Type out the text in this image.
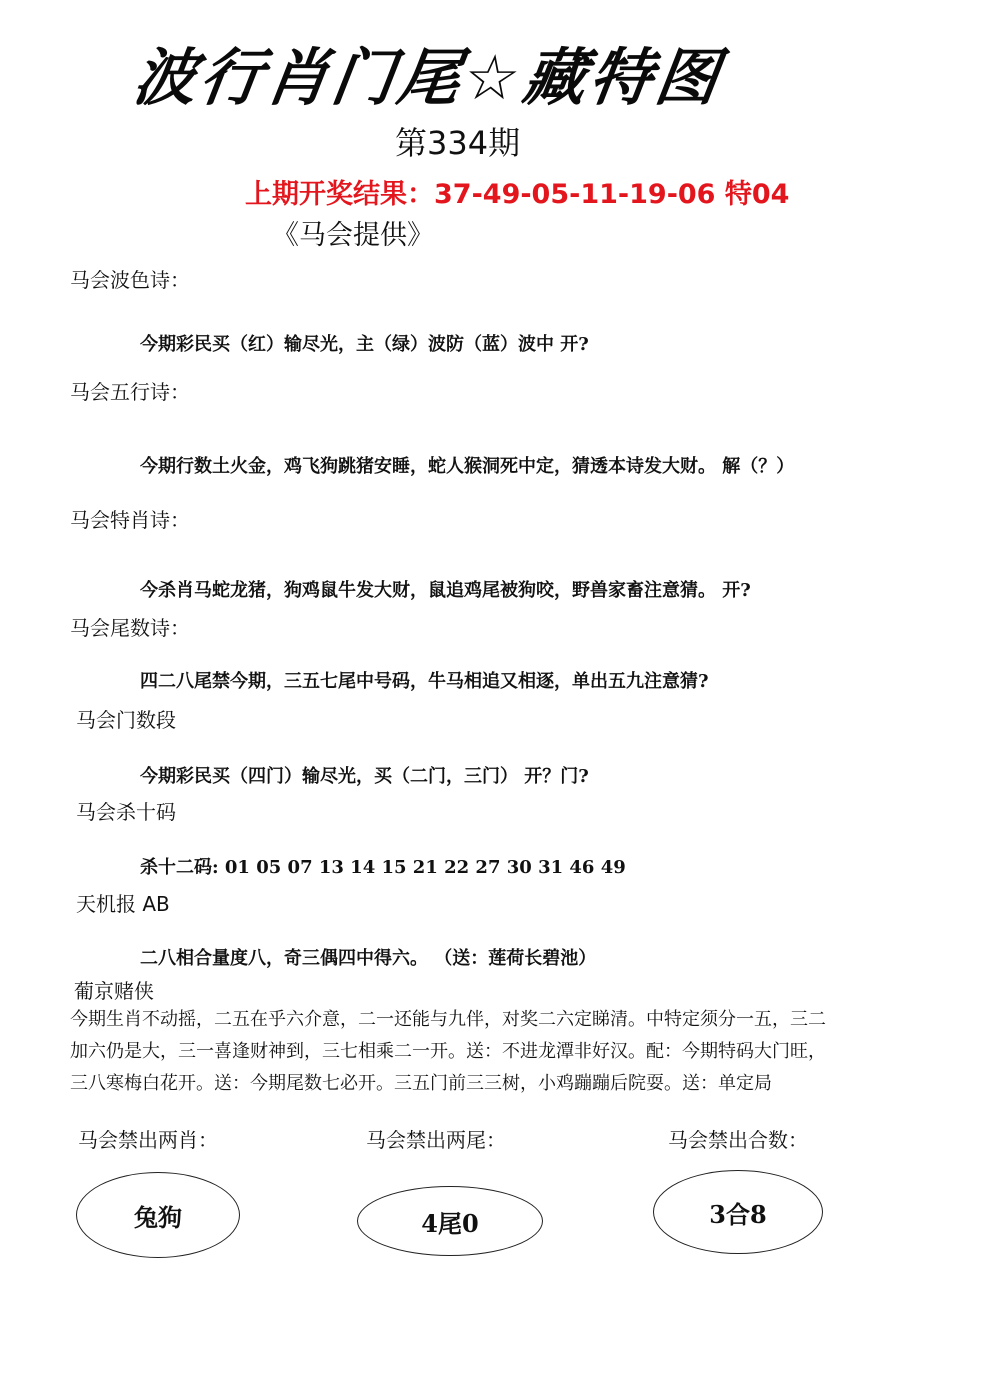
波行肖门尾☆藏特图
第334期
上期开奖结果：37-49-05-11-19-06 特04
《马会提供》
马会波色诗：
今期彩民买（红）输尽光，主（绿）波防（蓝）波中 开?
马会五行诗：
今期行数土火金，鸡飞狗跳猪安睡，蛇人猴洞死中定，猜透本诗发大财。 解（？）
马会特肖诗：
今杀肖马蛇龙猪，狗鸡鼠牛发大财，鼠追鸡尾被狗咬，野兽家畜注意猜。 开?
马会尾数诗：
四二八尾禁今期，三五七尾中号码，牛马相追又相逐，单出五九注意猜?
马会门数段
今期彩民买（四门）输尽光，买（二门，三门） 开？门?
马会杀十码
杀十二码: 01 05 07 13 14 15 21 22 27 30 31 46 49
天机报 AB
二八相合量度八，奇三偶四中得六。 （送：莲荷长碧池）
葡京赌侠
今期生肖不动摇，二五在乎六介意，二一还能与九伴，对奖二六定睇清。中特定须分一五，三二
加六仍是大，三一喜逢财神到，三七相乘二一开。送：不进龙潭非好汉。配：今期特码大门旺，
三八寒梅白花开。送：今期尾数七必开。三五门前三三树，小鸡蹦蹦后院耍。送：单定局
马会禁出两肖：	马会禁出两尾：	马会禁出合数：
兔狗	4尾0	3合8
